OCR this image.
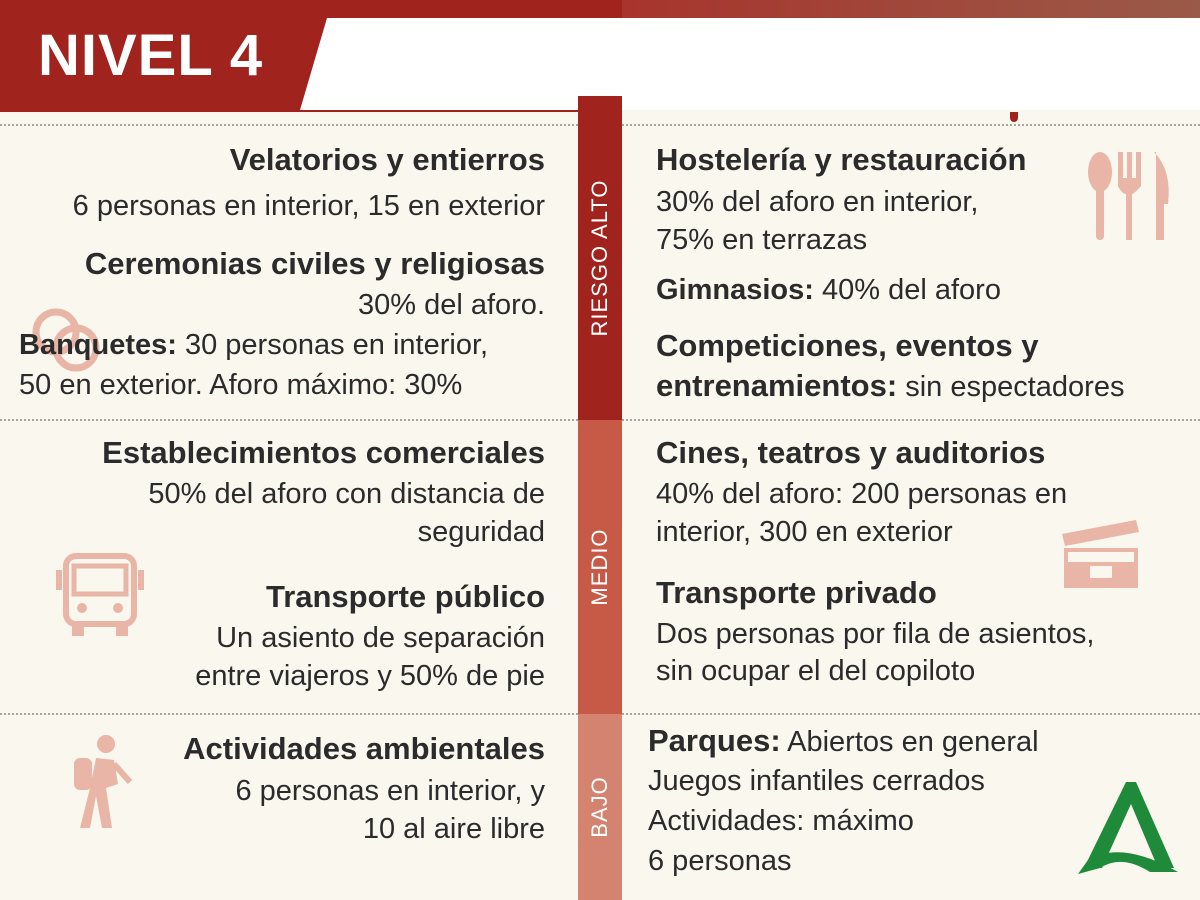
NIVEL 4
RIESGO ALTO
MEDIO
BAJO
Velatorios y entierros
6 personas en interior, 15 en exterior
Ceremonias civiles y religiosas
30% del aforo.
Banquetes: 30 personas en interior,
50 en exterior. Aforo máximo: 30%
Establecimientos comerciales
50% del aforo con distancia de
seguridad
Transporte público
Un asiento de separación
entre viajeros y 50% de pie
Actividades ambientales
6 personas en interior, y
10 al aire libre
Hostelería y restauración
30% del aforo en interior,
75% en terrazas
Gimnasios: 40% del aforo
Competiciones, eventos y
entrenamientos: sin espectadores
Cines, teatros y auditorios
40% del aforo: 200 personas en
interior, 300 en exterior
Transporte privado
Dos personas por fila de asientos,
sin ocupar el del copiloto
Parques: Abiertos en general
Juegos infantiles cerrados
Actividades: máximo
6 personas
